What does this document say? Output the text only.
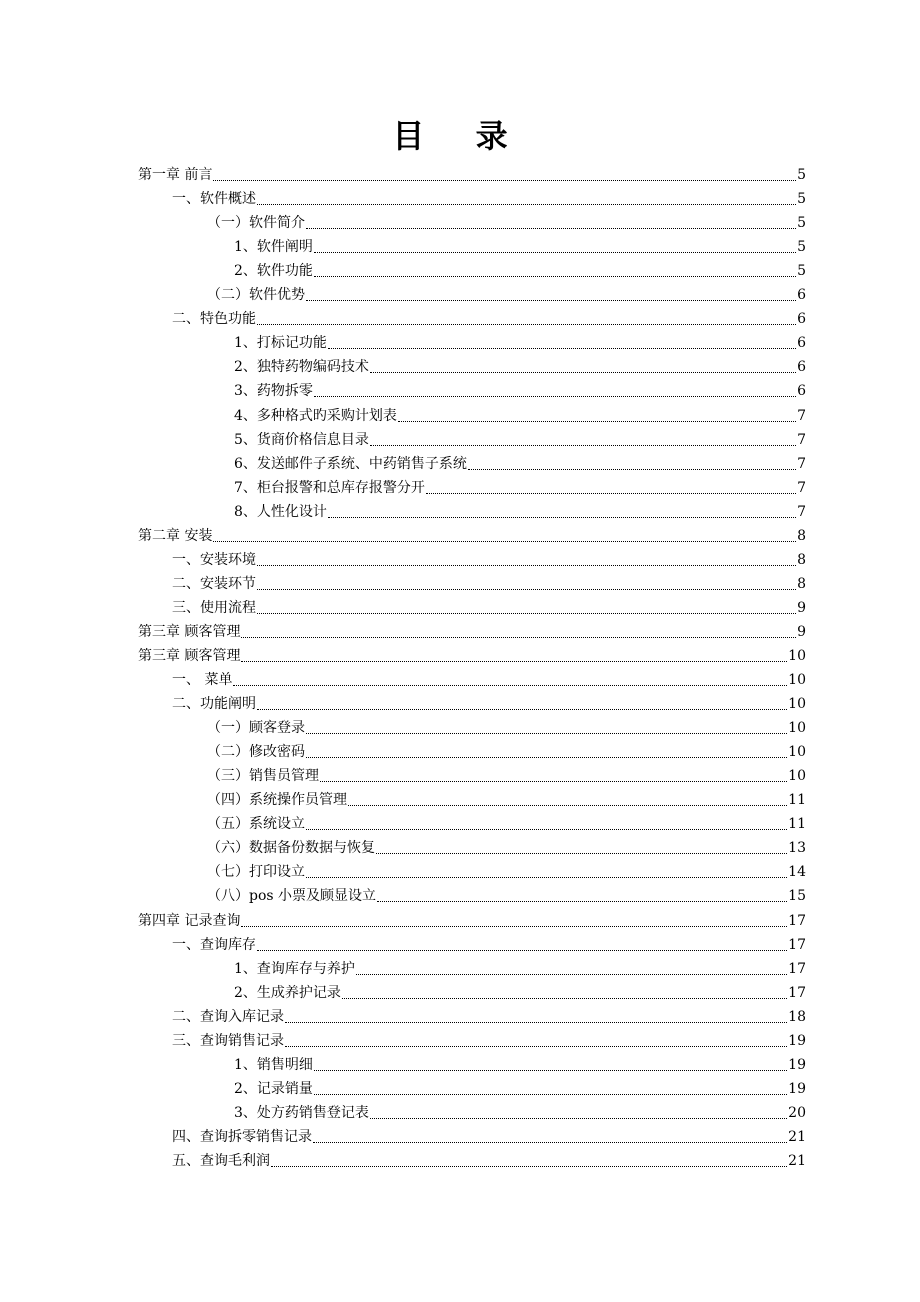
目 录
第一章 前言	5
一、软件概述	5
（一）软件简介	5
1、软件阐明	5
2、软件功能	5
（二）软件优势	6
二、特色功能	6
1、打标记功能	6
2、独特药物编码技术	6
3、药物拆零	6
4、多种格式旳采购计划表	7
5、货商价格信息目录	7
6、发送邮件子系统、中药销售子系统	7
7、柜台报警和总库存报警分开	7
8、人性化设计	7
第二章 安装	8
一、安装环境	8
二、安装环节	8
三、使用流程	9
第三章 顾客管理	9
第三章 顾客管理	10
一、 菜单	10
二、功能阐明	10
（一）顾客登录	10
（二）修改密码	10
（三）销售员管理	10
（四）系统操作员管理	11
（五）系统设立	11
（六）数据备份数据与恢复	13
（七）打印设立	14
（八）pos 小票及顾显设立	15
第四章 记录查询	17
一、查询库存	17
1、查询库存与养护	17
2、生成养护记录	17
二、查询入库记录	18
三、查询销售记录	19
1、销售明细	19
2、记录销量	19
3、处方药销售登记表	20
四、查询拆零销售记录	21
五、查询毛利润	21
